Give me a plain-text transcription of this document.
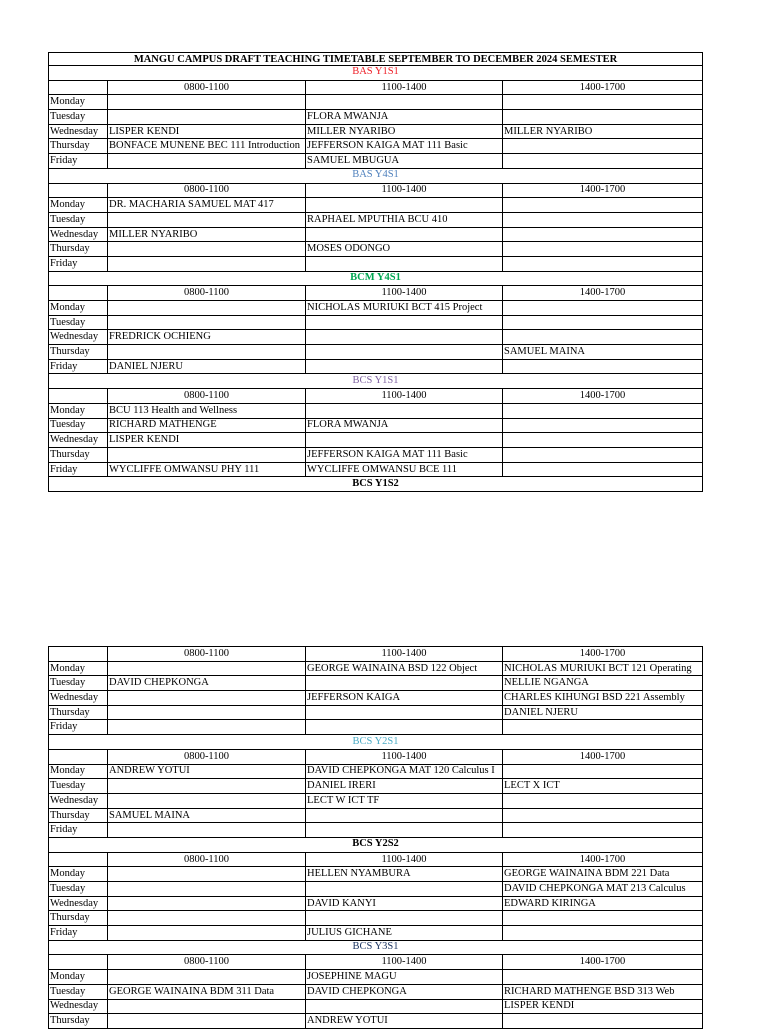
MANGU CAMPUS DRAFT TEACHING TIMETABLE SEPTEMBER TO DECEMBER 2024 SEMESTER			
BAS Y1S1			
	0800-1100	1100-1400	1400-1700
Monday			
Tuesday		FLORA MWANJA	
Wednesday	LISPER KENDI	MILLER NYARIBO	MILLER NYARIBO
Thursday	BONFACE MUNENE BEC 111 Introduction	JEFFERSON KAIGA MAT 111 Basic	
Friday		SAMUEL MBUGUA	
BAS Y4S1			
	0800-1100	1100-1400	1400-1700
Monday	DR. MACHARIA SAMUEL MAT 417		
Tuesday		RAPHAEL MPUTHIA BCU 410	
Wednesday	MILLER NYARIBO		
Thursday		MOSES ODONGO	
Friday			
BCM Y4S1			
	0800-1100	1100-1400	1400-1700
Monday		NICHOLAS MURIUKI BCT 415 Project	
Tuesday			
Wednesday	FREDRICK OCHIENG		
Thursday			SAMUEL MAINA
Friday	DANIEL NJERU		
BCS Y1S1			
	0800-1100	1100-1400	1400-1700
Monday	BCU 113 Health and Wellness		
Tuesday	RICHARD MATHENGE	FLORA MWANJA	
Wednesday	LISPER KENDI		
Thursday		JEFFERSON KAIGA MAT 111 Basic	
Friday	WYCLIFFE OMWANSU PHY 111	WYCLIFFE OMWANSU BCE 111	
BCS Y1S2			
	0800-1100	1100-1400	1400-1700
Monday		GEORGE WAINAINA BSD 122 Object	NICHOLAS MURIUKI BCT 121 Operating
Tuesday	DAVID CHEPKONGA		NELLIE NGANGA
Wednesday		JEFFERSON KAIGA	CHARLES KIHUNGI BSD 221 Assembly
Thursday			DANIEL NJERU
Friday			
BCS Y2S1			
	0800-1100	1100-1400	1400-1700
Monday	ANDREW YOTUI	DAVID CHEPKONGA MAT 120 Calculus I	
Tuesday		DANIEL IRERI	LECT X ICT
Wednesday		LECT W ICT TF	
Thursday	SAMUEL MAINA		
Friday			
BCS Y2S2			
	0800-1100	1100-1400	1400-1700
Monday		HELLEN NYAMBURA	GEORGE WAINAINA BDM 221 Data
Tuesday			DAVID CHEPKONGA MAT 213 Calculus
Wednesday		DAVID KANYI	EDWARD KIRINGA
Thursday			
Friday		JULIUS GICHANE	
BCS Y3S1			
	0800-1100	1100-1400	1400-1700
Monday		JOSEPHINE MAGU	
Tuesday	GEORGE WAINAINA BDM 311 Data	DAVID CHEPKONGA	RICHARD MATHENGE BSD 313 Web
Wednesday			LISPER KENDI
Thursday		ANDREW YOTUI	
